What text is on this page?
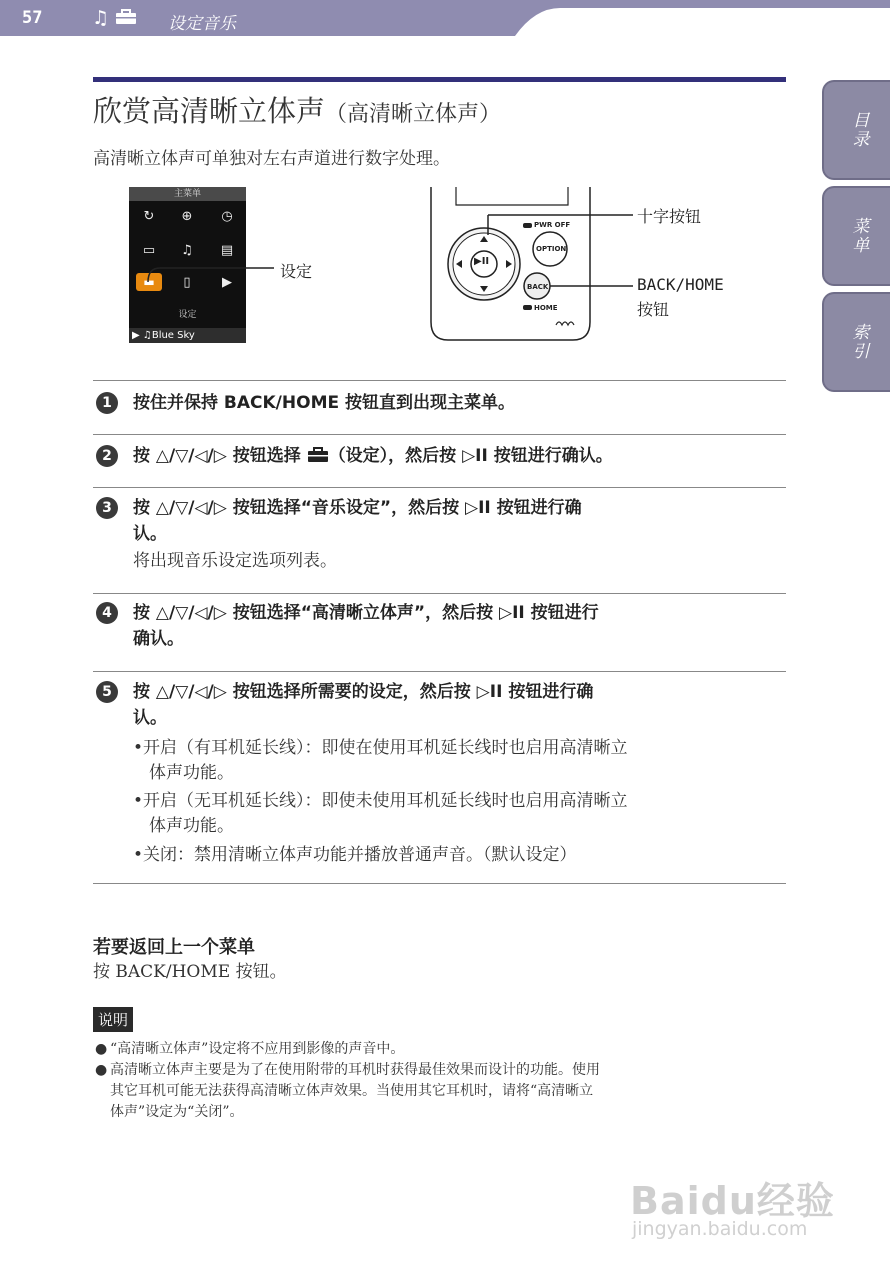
57	♫	设定音乐
目录
菜单
索引
欣赏高清晰立体声（高清晰立体声）
高清晰立体声可单独对左右声道进行数字处理。
主菜单
↻	⊕	◷
▭	♫	▤
▬	▯	▶
设定
▶ ♫Blue Sky
设定
PWR OFF
OPTION
BACK
HOME
▶II
十字按钮
BACK/HOME
按钮
1	按住并保持 BACK/HOME 按钮直到出现主菜单。
2	按 △/▽/◁/▷ 按钮选择 （设定），然后按 ▷II 按钮进行确认。
3	按 △/▽/◁/▷ 按钮选择“音乐设定”，然后按 ▷II 按钮进行确
认。
将出现音乐设定选项列表。
4	按 △/▽/◁/▷ 按钮选择“高清晰立体声”，然后按 ▷II 按钮进行
确认。
5	按 △/▽/◁/▷ 按钮选择所需要的设定，然后按 ▷II 按钮进行确
认。
•开启（有耳机延长线）：即使在使用耳机延长线时也启用高清晰立
体声功能。
•开启（无耳机延长线）：即使未使用耳机延长线时也启用高清晰立
体声功能。
•关闭：禁用清晰立体声功能并播放普通声音。（默认设定）
若要返回上一个菜单
按 BACK/HOME 按钮。
说明
● “高清晰立体声”设定将不应用到影像的声音中。
● 高清晰立体声主要是为了在使用附带的耳机时获得最佳效果而设计的功能。使用
其它耳机可能无法获得高清晰立体声效果。当使用其它耳机时，请将“高清晰立
体声”设定为“关闭”。
Baidu经验
jingyan.baidu.com
